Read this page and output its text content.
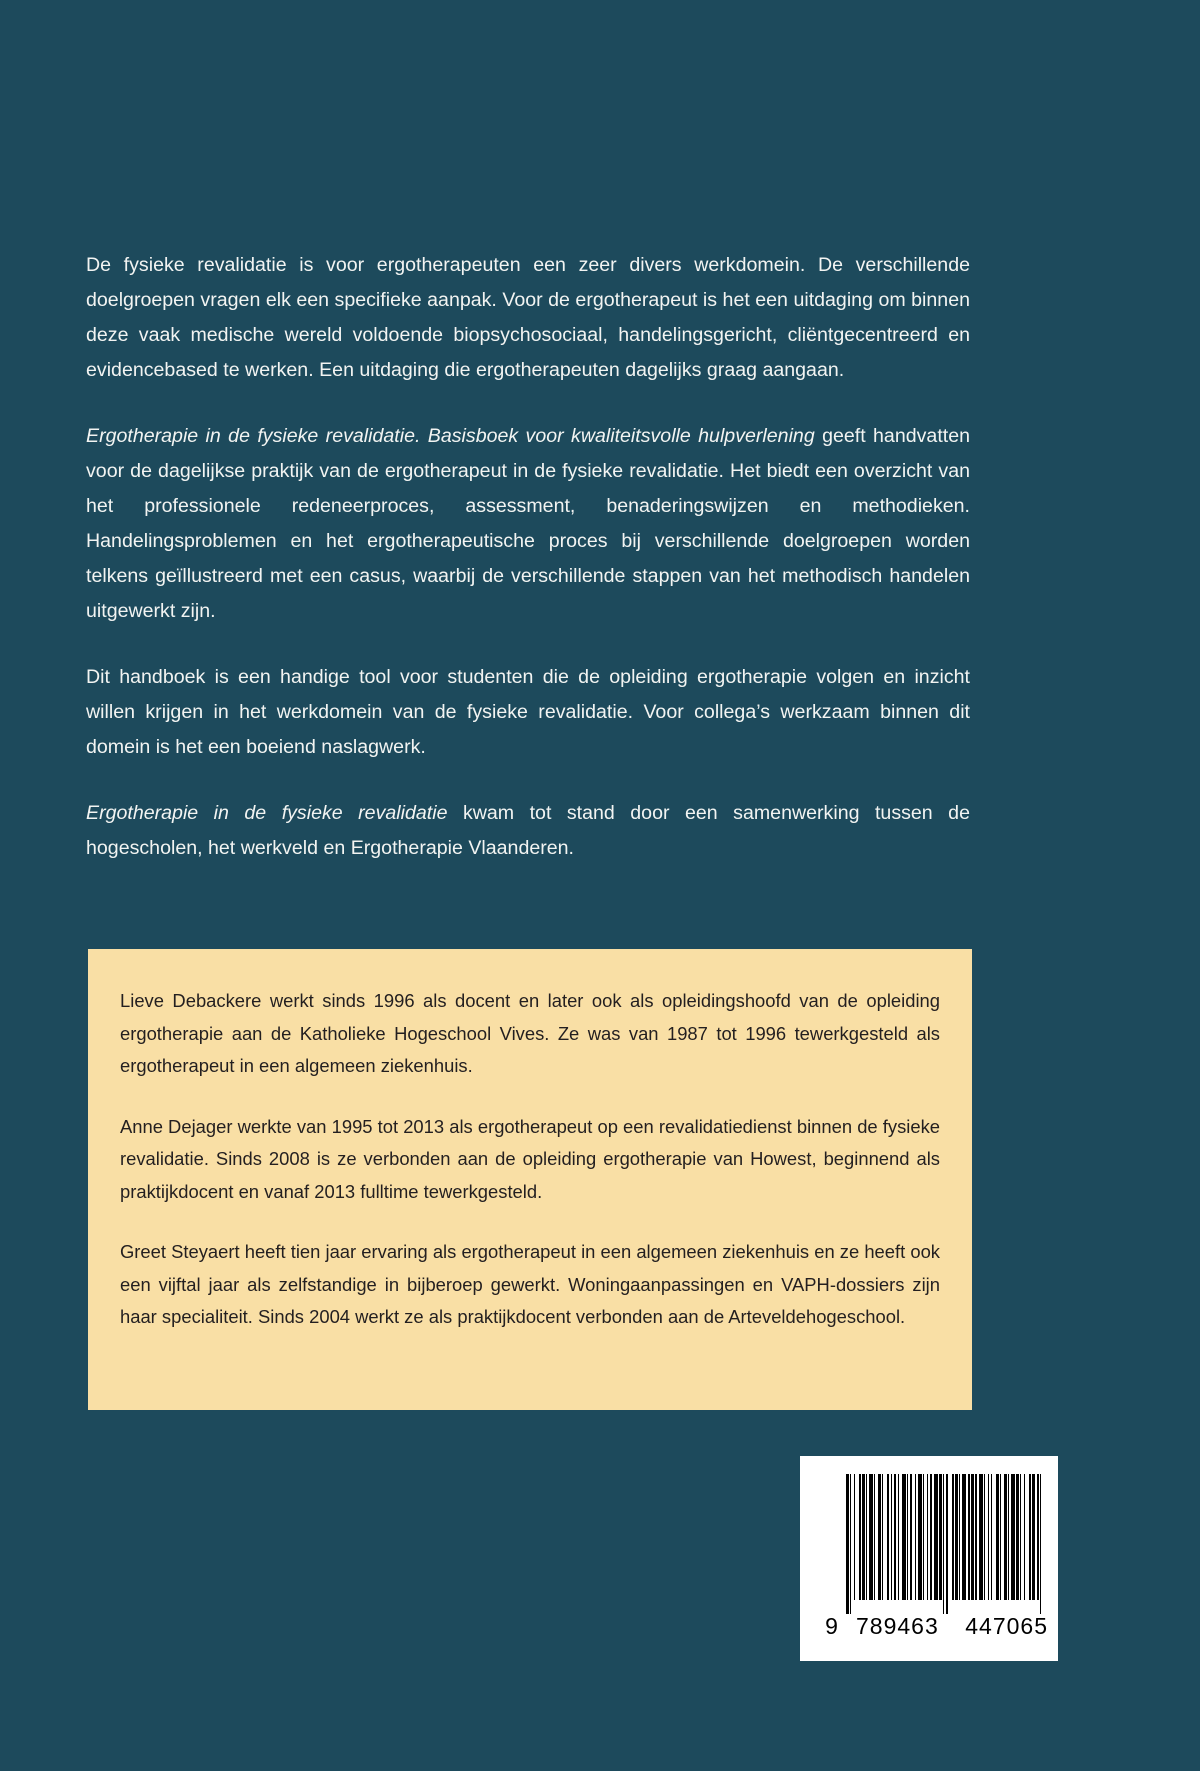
De fysieke revalidatie is voor ergotherapeuten een zeer divers werkdomein. De verschillende doelgroepen vragen elk een specifieke aanpak. Voor de ergotherapeut is het een uitdaging om binnen deze vaak medische wereld voldoende biopsychosociaal, handelingsgericht, cliëntgecentreerd en evidencebased te werken. Een uitdaging die ergotherapeuten dagelijks graag aangaan.

Ergotherapie in de fysieke revalidatie. Basisboek voor kwaliteitsvolle hulpverlening geeft handvatten voor de dagelijkse praktijk van de ergotherapeut in de fysieke revalidatie. Het biedt een overzicht van het professionele redeneerproces, assessment, benaderingswijzen en methodieken. Handelingsproblemen en het ergotherapeutische proces bij verschillende doelgroepen worden telkens geïllustreerd met een casus, waarbij de verschillende stappen van het methodisch handelen uitgewerkt zijn.

Dit handboek is een handige tool voor studenten die de opleiding ergotherapie volgen en inzicht willen krijgen in het werkdomein van de fysieke revalidatie. Voor collega’s werkzaam binnen dit domein is het een boeiend naslagwerk.

Ergotherapie in de fysieke revalidatie kwam tot stand door een samenwerking tussen de hogescholen, het werkveld en Ergotherapie Vlaanderen.

Lieve Debackere werkt sinds 1996 als docent en later ook als opleidingshoofd van de opleiding ergotherapie aan de Katholieke Hogeschool Vives. Ze was van 1987 tot 1996 tewerkgesteld als ergotherapeut in een algemeen ziekenhuis.

Anne Dejager werkte van 1995 tot 2013 als ergotherapeut op een revalidatiedienst binnen de fysieke revalidatie. Sinds 2008 is ze verbonden aan de opleiding ergotherapie van Howest, beginnend als praktijkdocent en vanaf 2013 fulltime tewerkgesteld.

Greet Steyaert heeft tien jaar ervaring als ergotherapeut in een algemeen ziekenhuis en ze heeft ook een vijftal jaar als zelfstandige in bijberoep gewerkt. Woningaanpassingen en VAPH-dossiers zijn haar specialiteit. Sinds 2004 werkt ze als praktijkdocent verbonden aan de Arteveldehogeschool.

9 789463 447065
